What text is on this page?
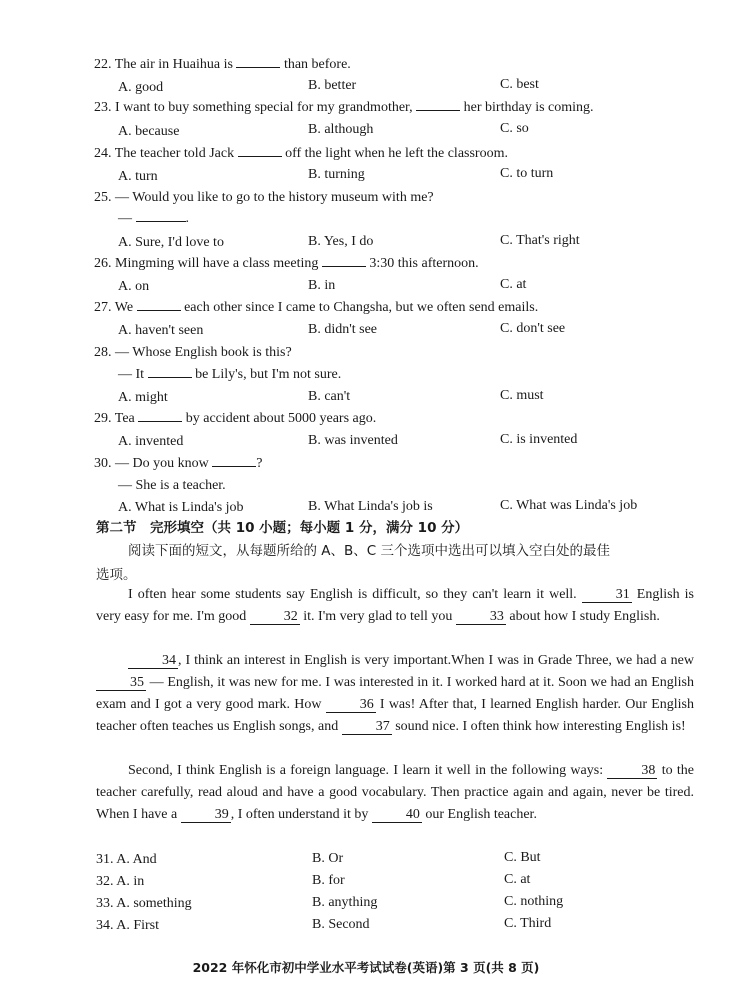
22. The air in Huaihua is	than before.
A. good	B. better	C. best
23. I want to buy something special for my grandmother,	her birthday is coming.
A. because	B. although	C. so
24. The teacher told Jack	off the light when he left the classroom.
A. turn	B. turning	C. to turn
25. — Would you like to go to the history museum with me?
—	.
A. Sure, I'd love to	B. Yes, I do	C. That's right
26. Mingming will have a class meeting	3:30 this afternoon.
A. on	B. in	C. at
27. We	each other since I came to Changsha, but we often send emails.
A. haven't seen	B. didn't see	C. don't see
28. — Whose English book is this?
— It	be Lily's, but I'm not sure.
A. might	B. can't	C. must
29. Tea	by accident about 5000 years ago.
A. invented	B. was invented	C. is invented
30. — Do you know	?
— She is a teacher.
A. What is Linda's job	B. What Linda's job is	C. What was Linda's job
第二节　完形填空（共 10 小题；每小题 1 分，满分 10 分）
阅读下面的短文，从每题所给的 A、B、C 三个选项中选出可以填入空白处的最佳
选项。
I often hear some students say English is difficult, so they can't learn it well. 31 English is very easy for me. I'm good 32 it. I'm very glad to tell you 33 about how I study English.
34 , I think an interest in English is very important.When I was in Grade Three, we had a new 35 — English, it was new for me. I was interested in it. I worked hard at it. Soon we had an English exam and I got a very good mark. How 36 I was! After that, I learned English harder. Our English teacher often teaches us English songs, and 37 sound nice. I often think how interesting English is!
Second, I think English is a foreign language. I learn it well in the following ways: 38 to the teacher carefully, read aloud and have a good vocabulary. Then practice again and again, never be tired. When I have a 39 , I often understand it by 40 our English teacher.
31. A. And	B. Or	C. But
32. A. in	B. for	C. at
33. A. something	B. anything	C. nothing
34. A. First	B. Second	C. Third
2022 年怀化市初中学业水平考试试卷(英语)第 3 页(共 8 页)
